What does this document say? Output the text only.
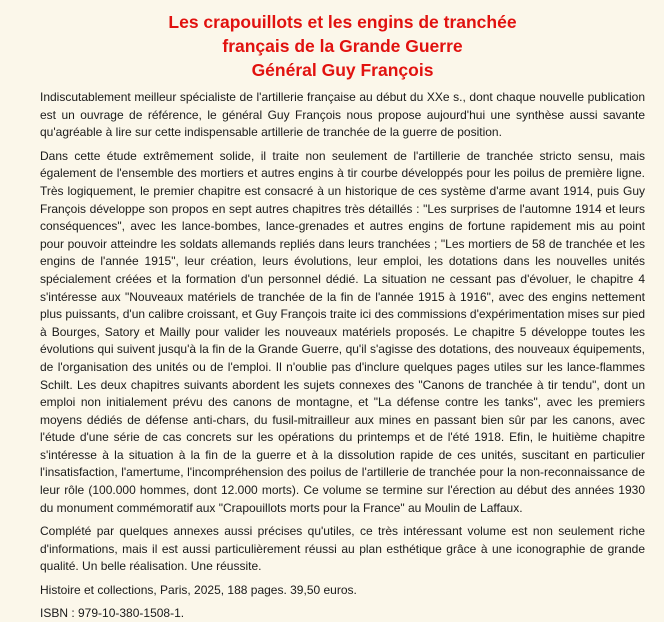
Les crapouillots et les engins de tranchée
français de la Grande Guerre
Général Guy François

Indiscutablement meilleur spécialiste de l'artillerie française au début du XXe s., dont chaque nouvelle publication est un ouvrage de référence, le général Guy François nous propose aujourd'hui une synthèse aussi savante qu'agréable à lire sur cette indispensable artillerie de tranchée de la guerre de position.

Dans cette étude extrêmement solide, il traite non seulement de l'artillerie de tranchée stricto sensu, mais également de l'ensemble des mortiers et autres engins à tir courbe développés pour les poilus de première ligne. Très logiquement, le premier chapitre est consacré à un historique de ces système d'arme avant 1914, puis Guy François développe son propos en sept autres chapitres très détaillés : "Les surprises de l'automne 1914 et leurs conséquences", avec les lance-bombes, lance-grenades et autres engins de fortune rapidement mis au point pour pouvoir atteindre les soldats allemands repliés dans leurs tranchées ; "Les mortiers de 58 de tranchée et les engins de l'année 1915", leur création, leurs évolutions, leur emploi, les dotations dans les nouvelles unités spécialement créées et la formation d'un personnel dédié. La situation ne cessant pas d'évoluer, le chapitre 4 s'intéresse aux "Nouveaux matériels de tranchée de la fin de l'année 1915 à 1916", avec des engins nettement plus puissants, d'un calibre croissant, et Guy François traite ici des commissions d'expérimentation mises sur pied à Bourges, Satory et Mailly pour valider les nouveaux matériels proposés. Le chapitre 5 développe toutes les évolutions qui suivent jusqu'à la fin de la Grande Guerre, qu'il s'agisse des dotations, des nouveaux équipements, de l'organisation des unités ou de l'emploi. Il n'oublie pas d'inclure quelques pages utiles sur les lance-flammes Schilt. Les deux chapitres suivants abordent les sujets connexes des "Canons de tranchée à tir tendu", dont un emploi non initialement prévu des canons de montagne, et "La défense contre les tanks", avec les premiers moyens dédiés de défense anti-chars, du fusil-mitrailleur aux mines en passant bien sûr par les canons, avec l'étude d'une série de cas concrets sur les opérations du printemps et de l'été 1918. Efin, le huitième chapitre s'intéresse à la situation à la fin de la guerre et à la dissolution rapide de ces unités, suscitant en particulier l'insatisfaction, l'amertume, l'incompréhension des poilus de l'artillerie de tranchée pour la non-reconnaissance de leur rôle (100.000 hommes, dont 12.000 morts). Ce volume se termine sur l'érection au début des années 1930 du monument commémoratif aux "Crapouillots morts pour la France" au Moulin de Laffaux.

Complété par quelques annexes aussi précises qu'utiles, ce très intéressant volume est non seulement riche d'informations, mais il est aussi particulièrement réussi au plan esthétique grâce à une iconographie de grande qualité. Un belle réalisation. Une réussite.

Histoire et collections, Paris, 2025, 188 pages. 39,50 euros.
ISBN : 979-10-380-1508-1.
